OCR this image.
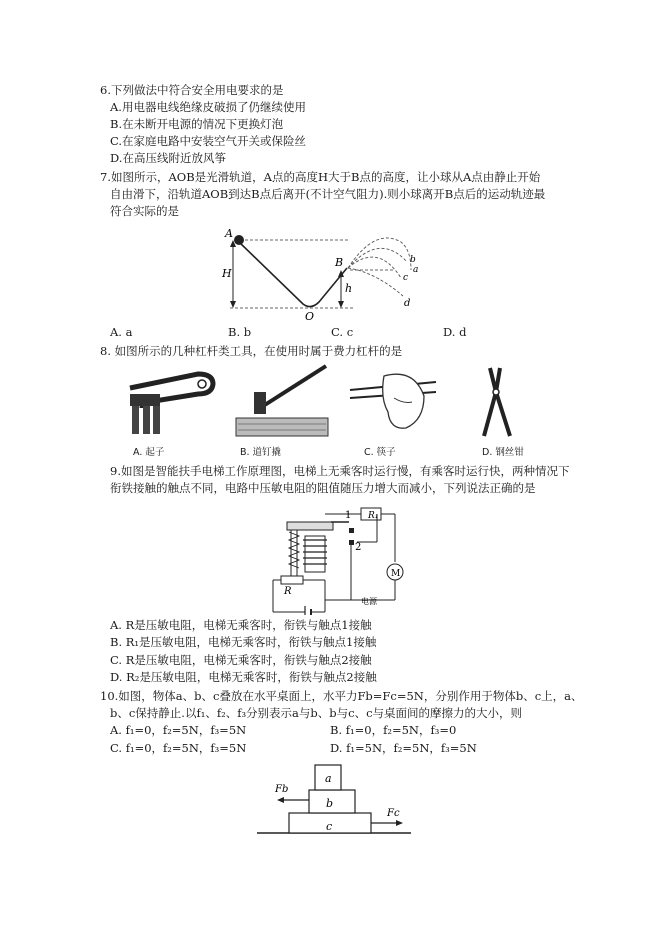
6.下列做法中符合安全用电要求的是
A.用电器电线绝缘皮破损了仍继续使用
B.在未断开电源的情况下更换灯泡
C.在家庭电路中安装空气开关或保险丝
D.在高压线附近放风筝
7.如图所示，AOB是光滑轨道，A点的高度H大于B点的高度，让小球从A点由静止开始
自由滑下，沿轨道AOB到达B点后离开(不计空气阻力).则小球离开B点后的运动轨迹最
符合实际的是
A
H
O
B
h
a
b
c
d
A. a	B. b	C. c	D. d
8. 如图所示的几种杠杆类工具，在使用时属于费力杠杆的是
A. 起子	B. 道钉撬	C. 筷子	D. 钢丝钳
9.如图是智能扶手电梯工作原理图，电梯上无乘客时运行慢，有乘客时运行快，两种情况下
衔铁接触的触点不同，电路中压敏电阻的阻值随压力增大而减小，下列说法正确的是
1 R₁
2
M
R
电源
A. R是压敏电阻，电梯无乘客时，衔铁与触点1接触
B. R₁是压敏电阻，电梯无乘客时，衔铁与触点1接触
C. R是压敏电阻，电梯无乘客时，衔铁与触点2接触
D. R₂是压敏电阻，电梯无乘客时，衔铁与触点2接触
10.如图，物体a、b、c叠放在水平桌面上，水平力Fb=Fc=5N，分别作用于物体b、c上，a、
b、c保持静止.以f₁、f₂、f₃分别表示a与b、b与c、c与桌面间的摩擦力的大小，则
A. f₁=0，f₂=5N，f₃=5N	B. f₁=0，f₂=5N，f₃=0
C. f₁=0，f₂=5N，f₃=5N	D. f₁=5N，f₂=5N，f₃=5N
a
b
c
Fb
Fc
